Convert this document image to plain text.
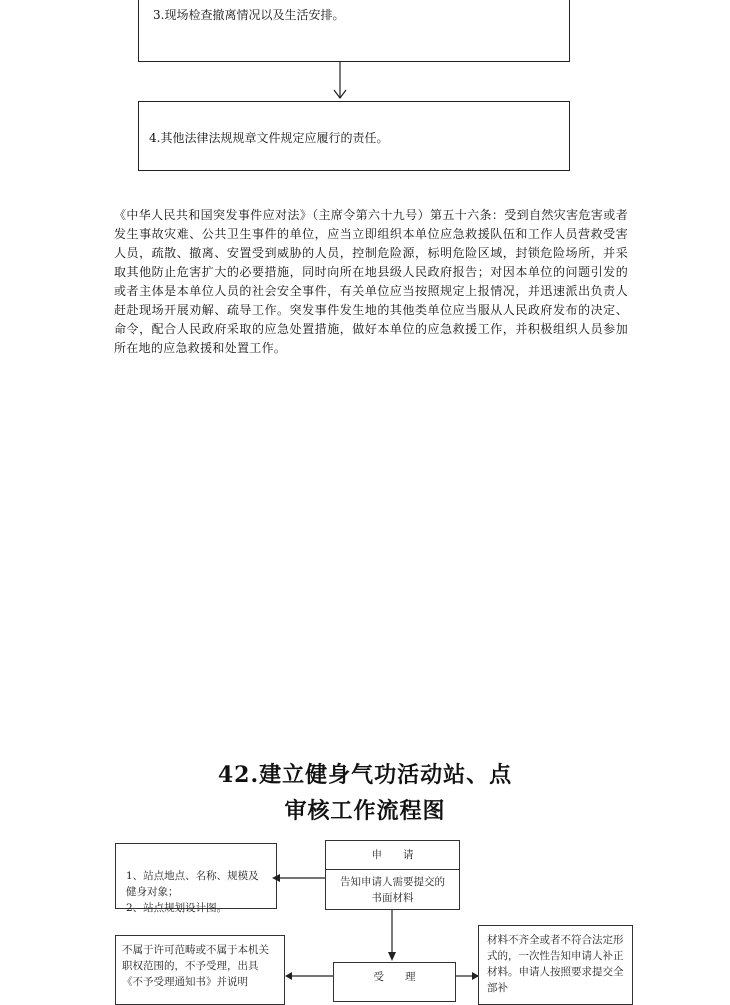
3.现场检查撤离情况以及生活安排。
4.其他法律法规规章文件规定应履行的责任。
《中华人民共和国突发事件应对法》（主席令第六十九号）第五十六条：受到自然灾害危害或者发生事故灾难、公共卫生事件的单位，应当立即组织本单位应急救援队伍和工作人员营救受害人员，疏散、撤离、安置受到威胁的人员，控制危险源，标明危险区域，封锁危险场所，并采取其他防止危害扩大的必要措施，同时向所在地县级人民政府报告；对因本单位的问题引发的或者主体是本单位人员的社会安全事件，有关单位应当按照规定上报情况，并迅速派出负责人赶赴现场开展劝解、疏导工作。突发事件发生地的其他类单位应当服从人民政府发布的决定、命令，配合人民政府采取的应急处置措施，做好本单位的应急救援工作，并积极组织人员参加所在地的应急救援和处置工作。
42.建立健身气功活动站、点
审核工作流程图

1、站点地点、名称、规模及健身对象；
2、站点规划设计图。

申　　请
告知申请人需要提交的书面材料
不属于许可范畴或不属于本机关职权范围的，不予受理，出具《不予受理通知书》并说明	受　　理
材料不齐全或者不符合法定形式的，一次性告知申请人补正材料。申请人按照要求提交全部补
